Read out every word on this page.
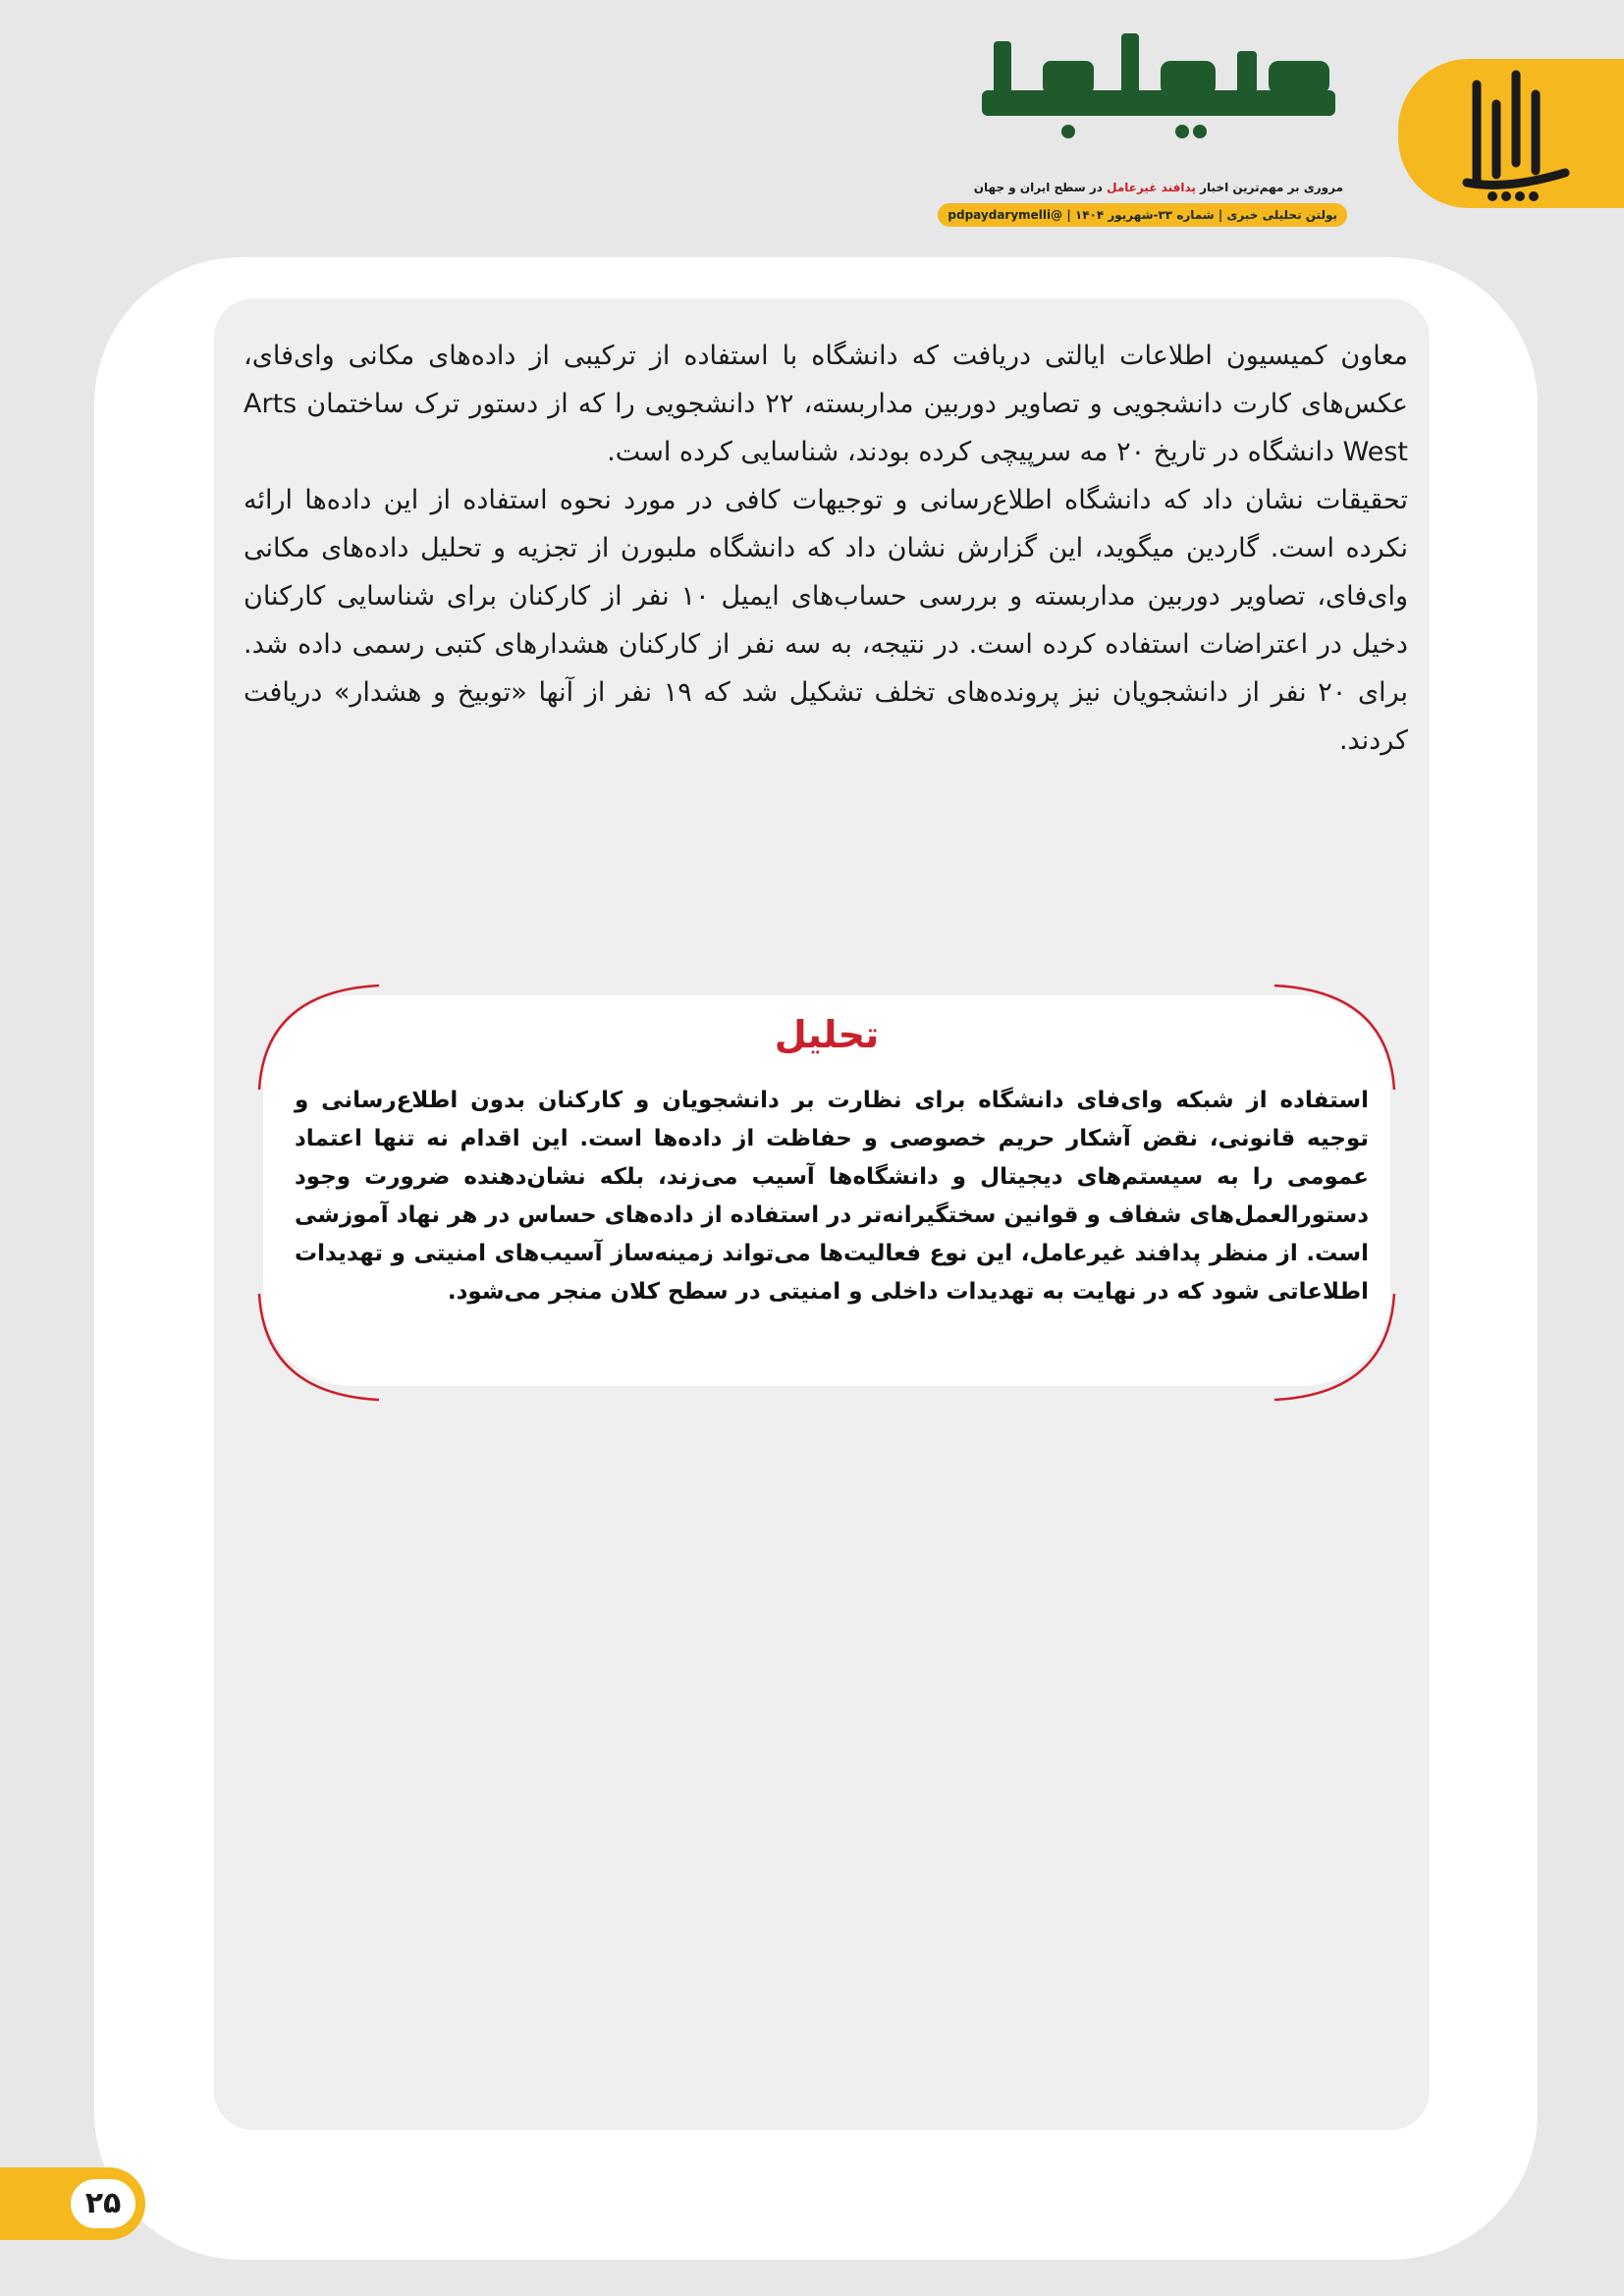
مروری بر مهم‌ترین اخبار پدافند غیرعامل در سطح ایران و جهان
بولتن تحلیلی خبری | شماره ۳۳-شهریور ۱۴۰۴ | @pdpaydarymelli

معاون کمیسیون اطلاعات ایالتی دریافت که دانشگاه با استفاده از ترکیبی از داده‌های مکانی وای‌فای، عکس‌های کارت دانشجویی و تصاویر دوربین مداربسته، ۲۲ دانشجویی را که از دستور ترک ساختمان Arts West دانشگاه در تاریخ ۲۰ مه سرپیچی کرده بودند، شناسایی کرده است.

تحقیقات نشان داد که دانشگاه اطلاع‌رسانی و توجیهات کافی در مورد نحوه استفاده از این داده‌ها ارائه نکرده است. گاردین میگوید، این گزارش نشان داد که دانشگاه ملبورن از تجزیه و تحلیل داده‌های مکانی وای‌فای، تصاویر دوربین مداربسته و بررسی حساب‌های ایمیل ۱۰ نفر از کارکنان برای شناسایی کارکنان دخیل در اعتراضات استفاده کرده است. در نتیجه، به سه نفر از کارکنان هشدارهای کتبی رسمی داده شد. برای ۲۰ نفر از دانشجویان نیز پرونده‌های تخلف تشکیل شد که ۱۹ نفر از آنها «توبیخ و هشدار» دریافت کردند.

تحلیل
استفاده از شبکه وای‌فای دانشگاه برای نظارت بر دانشجویان و کارکنان بدون اطلاع‌رسانی و توجیه قانونی، نقض آشکار حریم خصوصی و حفاظت از داده‌ها است. این اقدام نه تنها اعتماد عمومی را به سیستم‌های دیجیتال و دانشگاه‌ها آسیب می‌زند، بلکه نشان‌دهنده ضرورت وجود دستورالعمل‌های شفاف و قوانین سختگیرانه‌تر در استفاده از داده‌های حساس در هر نهاد آموزشی است. از منظر پدافند غیرعامل، این نوع فعالیت‌ها می‌تواند زمینه‌ساز آسیب‌های امنیتی و تهدیدات اطلاعاتی شود که در نهایت به تهدیدات داخلی و امنیتی در سطح کلان منجر می‌شود.
۲۵
